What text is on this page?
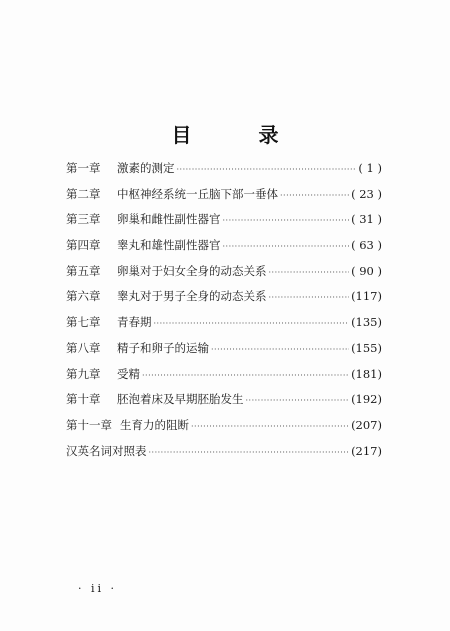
目 录
第一章	激素的测定 ·····	( 1 )
第二章	中枢神经系统一丘脑下部一垂体 ·····	( 23 )
第三章	卵巢和雌性副性器官 ·····	( 31 )
第四章	睾丸和雄性副性器官 ·····	( 63 )
第五章	卵巢对于妇女全身的动态关系 ·····	( 90 )
第六章	睾丸对于男子全身的动态关系 ·····	(117)
第七章	青春期 ·····	(135)
第八章	精子和卵子的运输 ·····	(155)
第九章	受精 ·····	(181)
第十章	胚泡着床及早期胚胎发生 ·····	(192)
第十一章 生育力的阻断 ·····	(207)
汉英名词对照表 ·····	(217)
· ii ·
